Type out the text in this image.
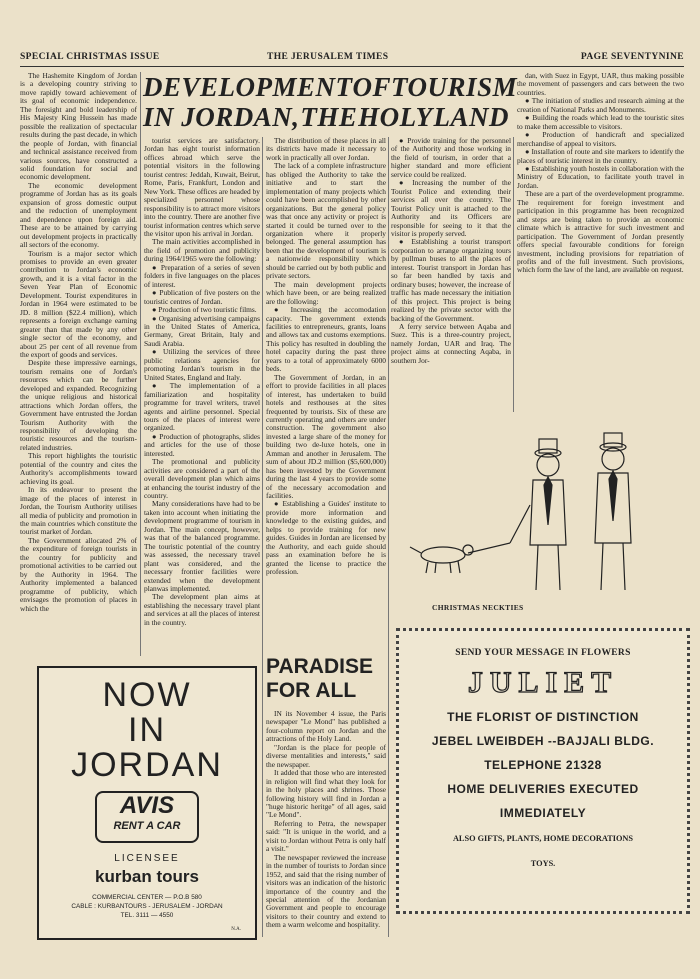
SPECIAL CHRISTMAS ISSUE	THE JERUSALEM TIMES	PAGE SEVENTYNINE
DEVELOPMENT OF TOURISM
IN JORDAN, THE HOLY LAND

The Hashemite Kingdom of Jordan is a developing country striving to move rapidly toward achievement of its goal of economic independence. The foresight and bold leadership of His Majesty King Hussein has made possible the realization of spectacular results during the past decade, in which the people of Jordan, with financial and technical assistance received from various sources, have constructed a solid foundation for social and economic development.

The economic development programme of Jordan has as its goals expansion of gross domestic output and the reduction of unemployment and dependence upon foreign aid. These are to be attained by carrying out development projects in practically all sectors of the economy.

Tourism is a major sector which promises to provide an even greater contribution to Jordan's economic growth, and it is a vital factor in the Seven Year Plan of Economic Development. Tourist expenditures in Jordan in 1964 were estimated to be JD. 8 million ($22.4 million), which represents a foreign exchange earning greater than that made by any other single sector of the economy, and about 25 per cent of all revenue from the export of goods and services.

Despite these impressive earnings, tourism remains one of Jordan's resources which can be further developed and expanded. Recognizing the unique religious and historical attractions which Jordan offers, the Government have entrusted the Jordan Tourism Authority with the responsibility of developing the touristic resources and the tourism-related industries.

This report highlights the touristic potential of the country and cites the Authority's accomplishments toward achieving its goal.

In its endeavour to present the image of the places of interest in Jordan, the Tourism Authority utilises all media of publicity and promotion in the main countries which constitute the tourist market of Jordan.

The Government allocated 2% of the expenditure of foreign tourists in the country for publicity and promotional activities to be carried out by the Authority in 1964. The Authority implemented a balanced programme of publicity, which envisages the promotion of places in which the

tourist services are satisfactory. Jordan has eight tourist information offices abroad which serve the potential visitors in the following tourist centres: Jeddah, Kuwait, Beirut, Rome, Paris, Frankfurt, London and New York. These offices are headed by specialized personnel whose responsibility is to attract more visitors into the country. There are another five tourist information centres which serve the visitor upon his arrival in Jordan.

The main activities accomplished in the field of promotion and publicity during 1964/1965 were the following:

● Preparation of a series of seven folders in five languages on the places of interest.

● Publication of five posters on the touristic centres of Jordan.

● Production of two touristic films.

● Organising advertising campaigns in the United States of America, Germany, Great Britain, Italy and Saudi Arabia.

● Utilizing the services of three public relations agencies for promoting Jordan's tourism in the United States, England and Italy.

● The implementation of a familiarization and hospitality programme for travel writers, travel agents and airline personnel. Special tours of the places of interest were organized.

● Production of photographs, slides and articles for the use of those interested.

The promotional and publicity activities are considered a part of the overall development plan which aims at enhancing the tourist industry of the country.

Many considerations have had to be taken into account when initiating the development programme of tourism in Jordan. The main concept, however, was that of the balanced programme. The touristic potential of the country was assessed, the necessary travel plant was considered, and the necessary frontier facilities were extended when the development planwas implemented.

The development plan aims at establishing the necessary travel plant and services at all the places of interest in the country.

The distribution of these places in all its districts have made it necessary to work in practically all over Jordan.

The lack of a complete infrastructure has obliged the Authority to take the initiative and to start the implementation of many projects which could have been accomplished by other organizations. But the general policy was that once any activity or project is started it could be turned over to the organization where it properly belonged. The general assumption has been that the development of tourism is a nationwide responsibility which should be carried out by both public and private sectors.

The main development projects which have been, or are being realized are the following:

● Increasing the accomodation capacity. The government extends facilities to entrepreneurs, grants, loans and allows tax and customs exemptions. This policy has resulted in doubling the hotel capacity during the past three years to a total of approximately 6000 beds.

The Government of Jordan, in an effort to provide facilities in all places of interest, has undertaken to build hotels and resthouses at the sites frequented by tourists. Six of these are currently operating and others are under construction. The government also invested a large share of the money for building two de-luxe hotels, one in Amman and another in Jerusalem. The sum of about JD.2 million ($5,600,000) has been invested by the Government during the last 4 years to provide some of the necessary accomodation and facilities.

● Establishing a Guides' institute to provide more information and knowledge to the existing guides, and helps to provide training for new guides. Guides in Jordan are licensed by the Authority, and each guide should pass an examination before he is granted the license to practice the profession.

● Provide training for the personnel of the Authority and those working in the field of tourism, in order that a higher standard and more efficient service could be realized.

● Increasing the number of the Tourist Police and extending their services all over the country. The Tourist Policy unit is attached to the Authority and its Officers are responsible for seeing to it that the visitor is properly served.

● Establishing a tourist transport corporation to arrange organizing tours by pullman buses to all the places of interest. Tourist transport in Jordan has so far been handled by taxis and ordinary buses; however, the increase of traffic has made necessary the initiation of this project. This project is being realized by the private sector with the backing of the Government.

A ferry service between Aqaba and Suez. This is a three-country project, namely Jordan, UAR and Iraq. The project aims at connecting Aqaba, in southern Jor-

dan, with Suez in Egypt, UAR, thus making possible the movement of passengers and cars between the two countries.

● The initiation of studies and research aiming at the creation of National Parks and Monuments.

● Building the roads which lead to the touristic sites to make them accessible to visitors.

● Production of handicraft and specialized merchandise of appeal to visitors.

● Installation of route and site markers to identify the places of touristic interest in the country.

● Establishing youth hostels in collaboration with the Ministry of Education, to facilitate youth travel in Jordan.

These are a part of the overdevelopment programme. The requirement for foreign investment and participation in this programme has been recognized and steps are being taken to provide an economic climate which is attractive for such investment and participation. The Government of Jordan presently offers special favourable conditions for foreign investment, including provisions for repatriation of profits and of the full investment. Such provisions, which form the law of the land, are available on request.

PARADISE
FOR ALL

IN its November 4 issue, the Paris newspaper "Le Mond" has published a four-column report on Jordan and the attractions of the Holy Land.

"Jordan is the place for people of diverse mentalities and interests," said the newspaper.

It added that those who are interested in religion will find what they look for in the holy places and shrines. Those following history will find in Jordan a "huge historic heritge" of all ages, said "Le Mond".

Referring to Petra, the newspaper said: "It is unique in the world, and a visit to Jordan without Petra is only half a visit."

The newspaper reviewed the increase in the number of tourists to Jordan since 1952, and said that the rising number of visitors was an indication of the historic importance of the country and the special attention of the Jordanian Government and people to encourage visitors to their country and extend to them a warm welcome and hospitality.

NOW
IN
JORDAN
AVIS
RENT A CAR
LICENSEE
kurban tours
COMMERCIAL CENTER — P.O.B 580
CABLE : KURBANTOURS - JERUSALEM - JORDAN
TEL. 3111 — 4550
N.A.
CHRISTMAS NECKTIES
SEND YOUR MESSAGE IN FLOWERS
JULIET
THE FLORIST OF DISTINCTION
JEBEL LWEIBDEH --BAJJALI BLDG.
TELEPHONE 21328
HOME DELIVERIES EXECUTED
IMMEDIATELY
ALSO GIFTS, PLANTS, HOME DECORATIONS
TOYS.
